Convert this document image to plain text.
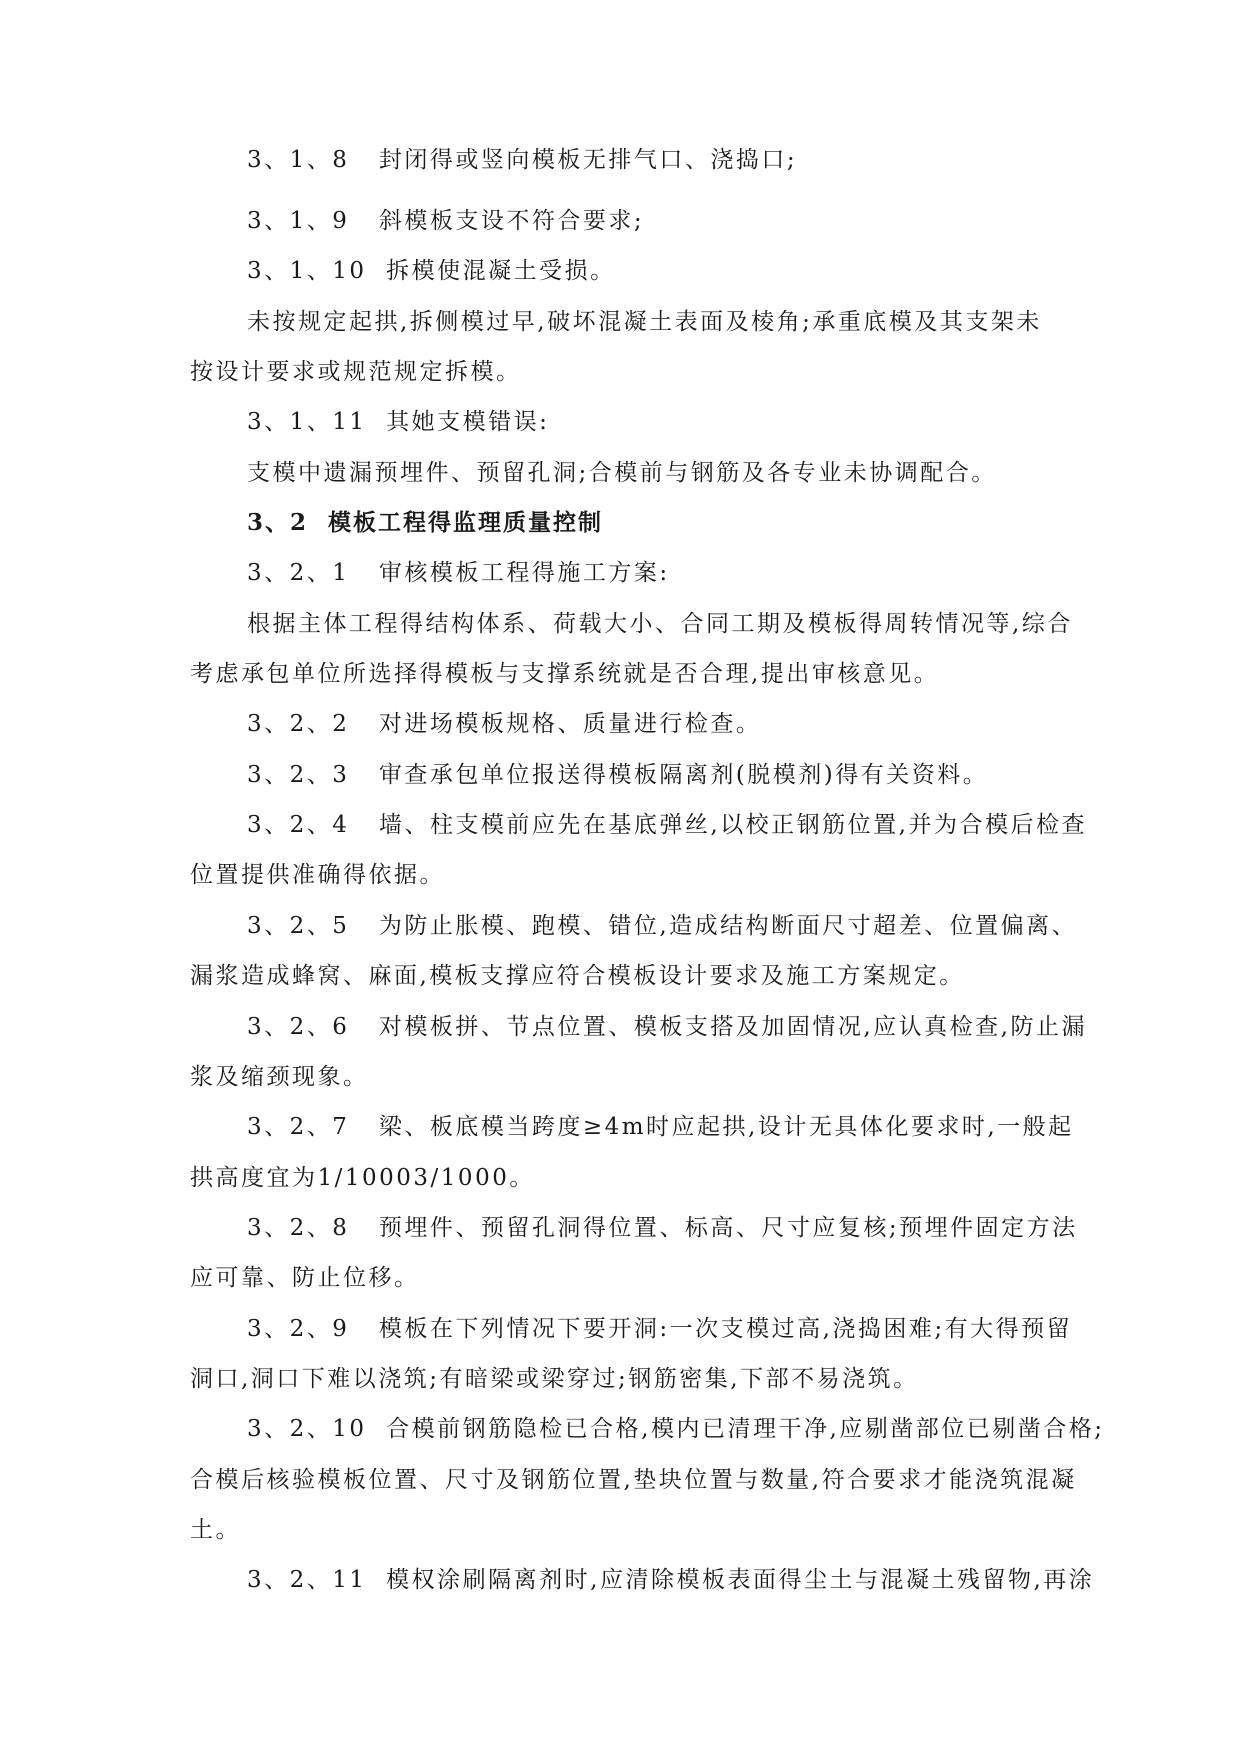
3、1、8   封闭得或竖向模板无排气口、浇捣口;
3、1、9   斜模板支设不符合要求;
3、1、10  拆模使混凝土受损。
未按规定起拱,拆侧模过早,破坏混凝土表面及棱角;承重底模及其支架未
按设计要求或规范规定拆模。
3、1、11  其她支模错误:
支模中遗漏预埋件、预留孔洞;合模前与钢筋及各专业未协调配合。
3、2  模板工程得监理质量控制
3、2、1   审核模板工程得施工方案:
根据主体工程得结构体系、荷载大小、合同工期及模板得周转情况等,综合
考虑承包单位所选择得模板与支撑系统就是否合理,提出审核意见。
3、2、2   对进场模板规格、质量进行检查。
3、2、3   审查承包单位报送得模板隔离剂(脱模剂)得有关资料。
3、2、4   墙、柱支模前应先在基底弹丝,以校正钢筋位置,并为合模后检查
位置提供准确得依据。
3、2、5   为防止胀模、跑模、错位,造成结构断面尺寸超差、位置偏离、
漏浆造成蜂窝、麻面,模板支撑应符合模板设计要求及施工方案规定。
3、2、6   对模板拼、节点位置、模板支搭及加固情况,应认真检查,防止漏
浆及缩颈现象。
3、2、7   梁、板底模当跨度≥4m时应起拱,设计无具体化要求时,一般起
拱高度宜为1/10003/1000。
3、2、8   预埋件、预留孔洞得位置、标高、尺寸应复核;预埋件固定方法
应可靠、防止位移。
3、2、9   模板在下列情况下要开洞:一次支模过高,浇捣困难;有大得预留
洞口,洞口下难以浇筑;有暗梁或梁穿过;钢筋密集,下部不易浇筑。
3、2、10  合模前钢筋隐检已合格,模内已清理干净,应剔凿部位已剔凿合格;
合模后核验模板位置、尺寸及钢筋位置,垫块位置与数量,符合要求才能浇筑混凝
土。
3、2、11  模权涂刷隔离剂时,应清除模板表面得尘土与混凝土残留物,再涂
